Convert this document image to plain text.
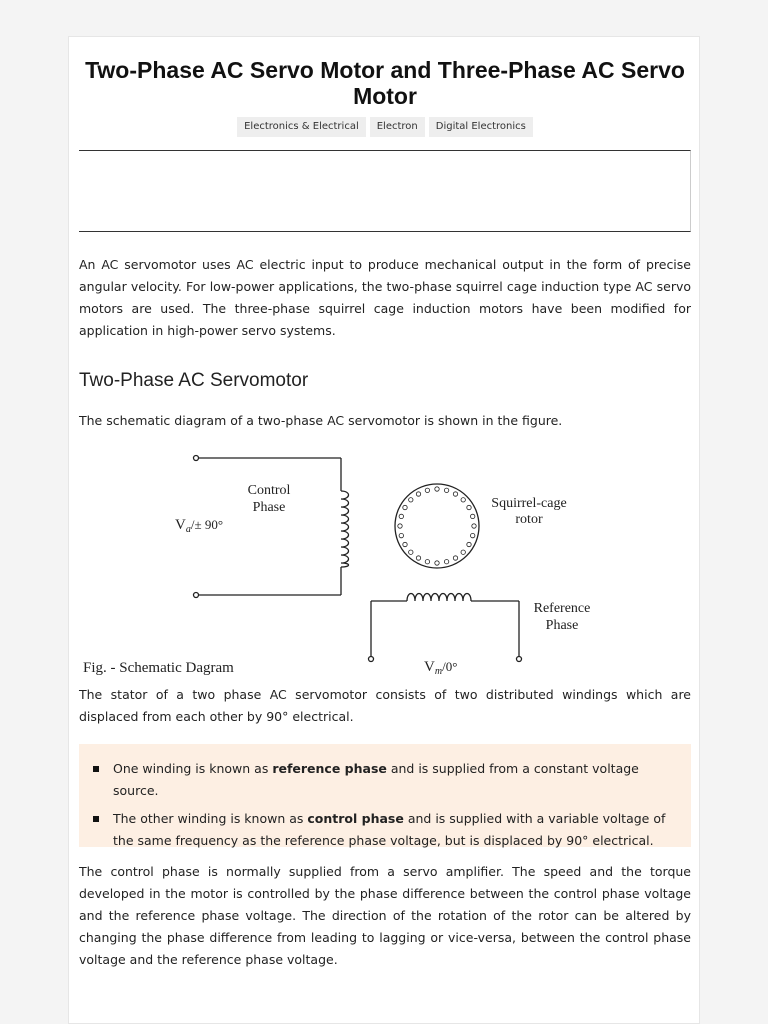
Two-Phase AC Servo Motor and Three-Phase AC Servo Motor
Electronics & Electrical	Electron	Digital Electronics

An AC servomotor uses AC electric input to produce mechanical output in the form of precise angular velocity. For low-power applications, the two-phase squirrel cage induction type AC servo motors are used. The three-phase squirrel cage induction motors have been modified for application in high-power servo systems.

Two-Phase AC Servomotor

The schematic diagram of a two-phase AC servomotor is shown in the figure.

Control
Phase
$V_a/\pm 90^\circ$
Squirrel-cage
rotor
Reference
Phase
$V_m/0^\circ$
Fig. - Schematic Dagram

The stator of a two phase AC servomotor consists of two distributed windings which are displaced from each other by 90° electrical.

One winding is known as reference phase and is supplied from a constant voltage source.
The other winding is known as control phase and is supplied with a variable voltage of the same frequency as the reference phase voltage, but is displaced by 90° electrical.

The control phase is normally supplied from a servo amplifier. The speed and the torque developed in the motor is controlled by the phase difference between the control phase voltage and the reference phase voltage. The direction of the rotation of the rotor can be altered by changing the phase difference from leading to lagging or vice-versa, between the control phase voltage and the reference phase voltage.
